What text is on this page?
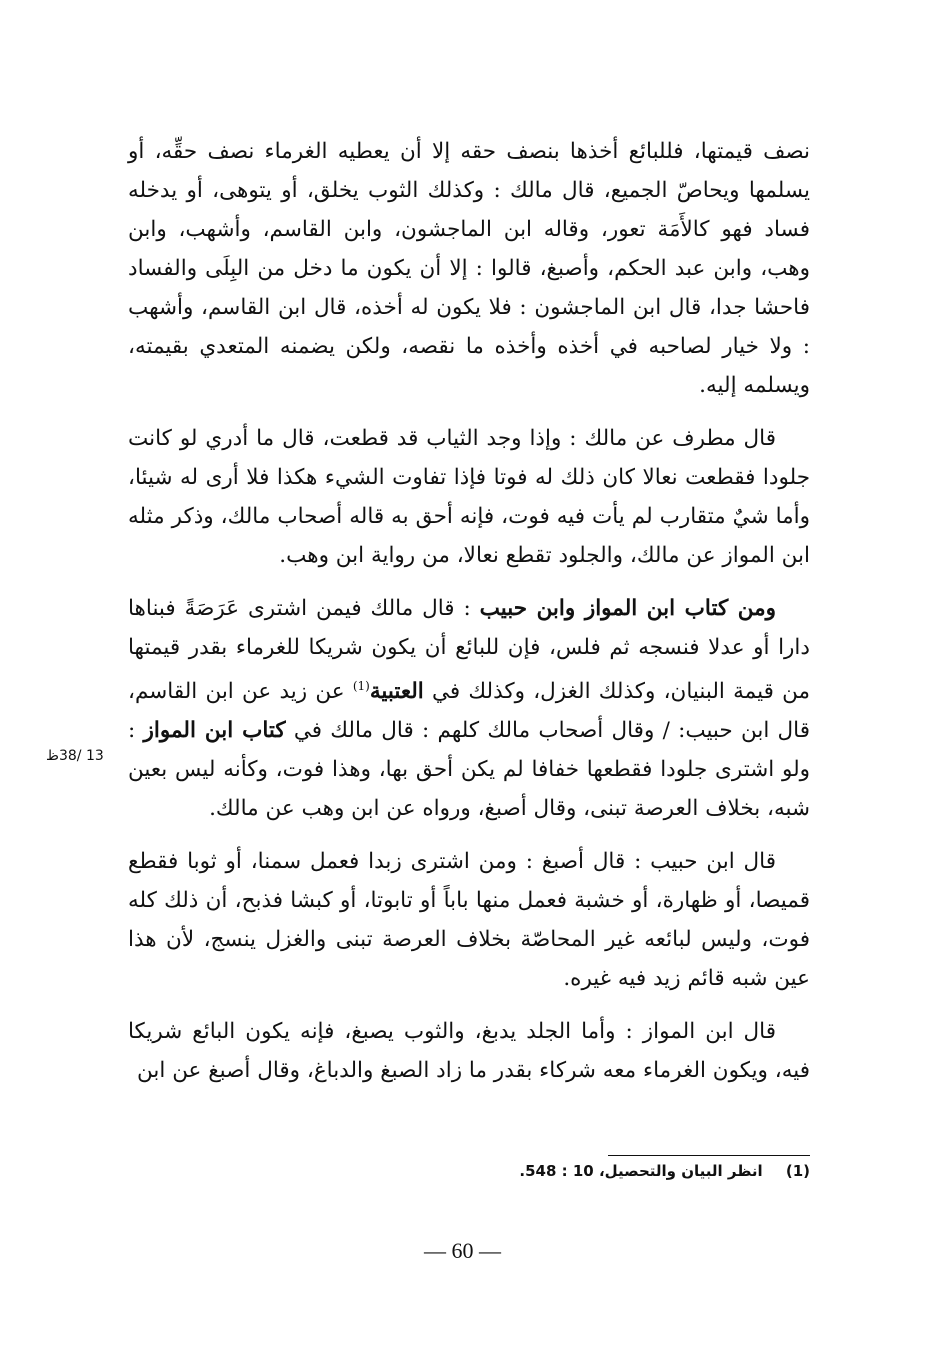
نصف قيمتها، فللبائع أخذها بنصف حقه إلا أن يعطيه الغرماء نصف حقِّه، أو يسلمها ويحاصّ الجميع، قال مالك : وكذلك الثوب يخلق، أو يتوهى، أو يدخله فساد فهو كالأَمَة تعور، وقاله ابن الماجشون، وابن القاسم، وأشهب، وابن وهب، وابن عبد الحكم، وأصبغ، قالوا : إلا أن يكون ما دخل من البِلَى والفساد فاحشا جدا، قال ابن الماجشون : فلا يكون له أخذه، قال ابن القاسم، وأشهب : ولا خيار لصاحبه في أخذه وأخذه ما نقصه، ولكن يضمنه المتعدي بقيمته، ويسلمه إليه.

قال مطرف عن مالك : وإذا وجد الثياب قد قطعت، قال ما أدري لو كانت جلودا فقطعت نعالا كان ذلك له فوتا فإذا تفاوت الشيء هكذا فلا أرى له شيئا، وأما شيٌ متقارب لم يأت فيه فوت، فإنه أحق به قاله أصحاب مالك، وذكر مثله ابن المواز عن مالك، والجلود تقطع نعالا، من رواية ابن وهب.

ومن كتاب ابن المواز وابن حبيب : قال مالك فيمن اشترى عَرَصَةً فبناها دارا أو عدلا فنسجه ثم فلس، فإن للبائع أن يكون شريكا للغرماء بقدر قيمتها من قيمة البنيان، وكذلك الغزل، وكذلك في العتبية$^{(1)}$ عن زيد عن ابن القاسم، قال ابن حبيب: / وقال أصحاب مالك كلهم : قال مالك في كتاب ابن المواز : ولو اشترى جلودا فقطعها خفافا لم يكن أحق بها، وهذا فوت، وكأنه ليس بعين شبه، بخلاف العرصة تبنى، وقال أصبغ، ورواه عن ابن وهب عن مالك.

قال ابن حبيب : قال أصبغ : ومن اشترى زبدا فعمل سمنا، أو ثوبا فقطع قميصا، أو ظهارة، أو خشبة فعمل منها باباً أو تابوتا، أو كبشا فذبح، أن ذلك كله فوت، وليس لبائعه غير المحاصّة بخلاف العرصة تبنى والغزل ينسج، لأن هذا عين شبه قائم زيد فيه غيره.

قال ابن المواز : وأما الجلد يدبغ، والثوب يصبغ، فإنه يكون البائع شريكا فيه، ويكون الغرماء معه شركاء بقدر ما زاد الصبغ والدباغ، وقال أصبغ عن ابن

13 /38ظ
(1) انظر البيان والتحصيل، 10 : 548.
— 60 —
